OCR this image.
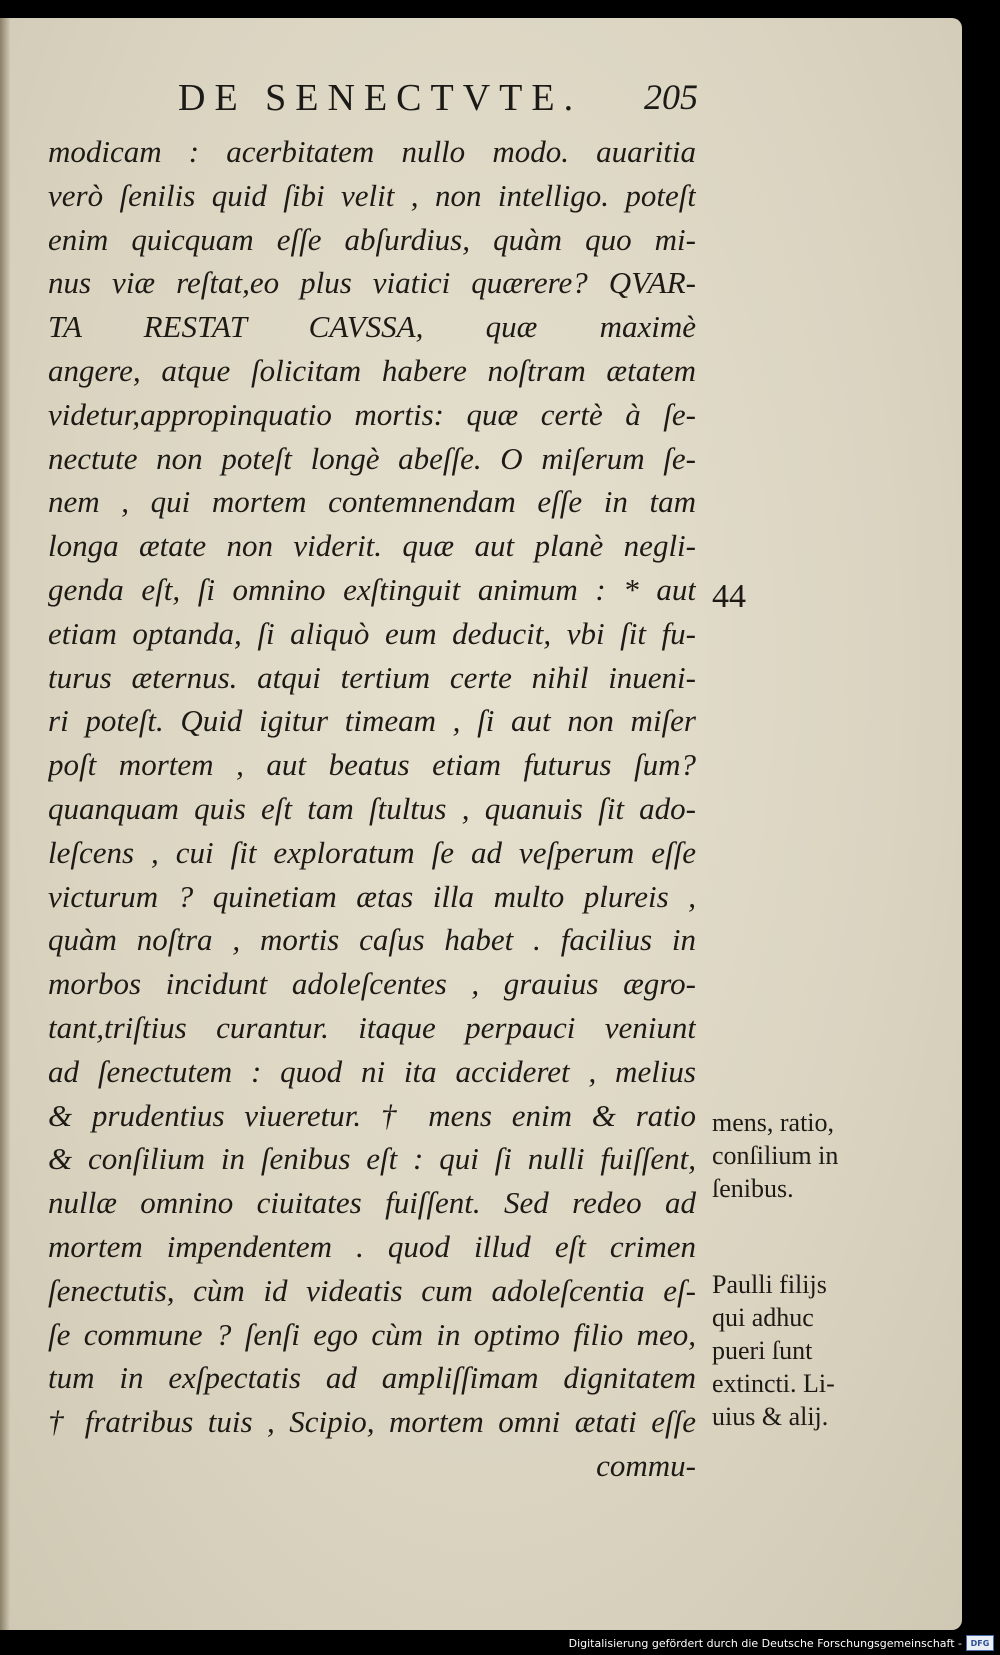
DE SENECTVTE. 205
modicam : acerbitatem nullo modo. auaritia
verò ſenilis quid ſibi velit , non intelligo. poteſt
enim quicquam eſſe abſurdius, quàm quo mi-
nus viæ reſtat,eo plus viatici quærere? QVAR-
TA RESTAT CAVSSA, quæ maximè
angere, atque ſolicitam habere noſtram ætatem
videtur,appropinquatio mortis: quæ certè à ſe-
nectute non poteſt longè abeſſe. O miſerum ſe-
nem , qui mortem contemnendam eſſe in tam
longa ætate non viderit. quæ aut planè negli-
genda eſt, ſi omnino exſtinguit animum : * aut
etiam optanda, ſi aliquò eum deducit, vbi ſit fu-
turus æternus. atqui tertium certe nihil inueni-
ri poteſt. Quid igitur timeam , ſi aut non miſer
poſt mortem , aut beatus etiam futurus ſum?
quanquam quis eſt tam ſtultus , quanuis ſit ado-
leſcens , cui ſit exploratum ſe ad veſperum eſſe
victurum ? quinetiam ætas illa multo plureis ,
quàm noſtra , mortis caſus habet . facilius in
morbos incidunt adoleſcentes , grauius ægro-
tant,triſtius curantur. itaque perpauci veniunt
ad ſenectutem : quod ni ita accideret , melius
& prudentius viueretur. † mens enim & ratio
& conſilium in ſenibus eſt : qui ſi nulli fuiſſent,
nullæ omnino ciuitates fuiſſent. Sed redeo ad
mortem impendentem . quod illud eſt crimen
ſenectutis, cùm id videatis cum adoleſcentia eſ-
ſe commune ? ſenſi ego cùm in optimo filio meo,
tum in exſpectatis ad ampliſſimam dignitatem
† fratribus tuis , Scipio, mortem omni ætati eſſe
commu-
44
mens, ratio,
conſilium in
ſenibus.
Paulli filijs
qui adhuc
pueri ſunt
extincti. Li-
uius & alij.
Digitalisierung gefördert durch die Deutsche Forschungsgemeinschaft -	DFG
